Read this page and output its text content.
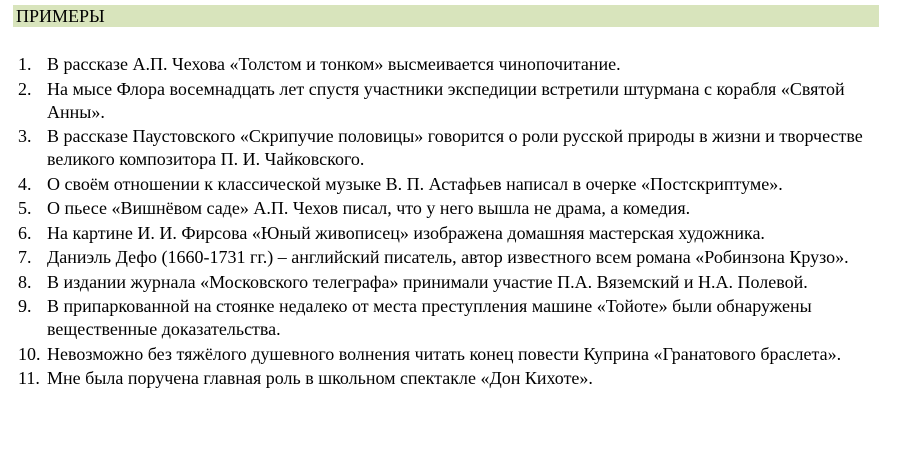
ПРИМЕРЫ
1. В рассказе А.П. Чехова «Толстом и тонком» высмеивается чинопочитание.
2. На мысе Флора восемнадцать лет спустя участники экспедиции встретили штурмана с корабля «Святой Анны».
3. В рассказе Паустовского «Скрипучие половицы» говорится о роли русской природы в жизни и творчестве великого композитора П. И. Чайковского.
4. О своём отношении к классической музыке В. П. Астафьев написал в очерке «Постскриптуме».
5. О пьесе «Вишнёвом саде» А.П. Чехов писал, что у него вышла не драма, а комедия.
6. На картине И. И. Фирсова «Юный живописец» изображена домашняя мастерская художника.
7. Даниэль Дефо (1660-1731 гг.) – английский писатель, автор известного всем романа «Робинзона Крузо».
8. В издании журнала «Московского телеграфа» принимали участие П.А. Вяземский и Н.А. Полевой.
9. В припаркованной на стоянке недалеко от места преступления машине «Тойоте» были обнаружены вещественные доказательства.
10. Невозможно без тяжёлого душевного волнения читать конец повести Куприна «Гранатового браслета».
11. Мне была поручена главная роль в школьном спектакле «Дон Кихоте».
